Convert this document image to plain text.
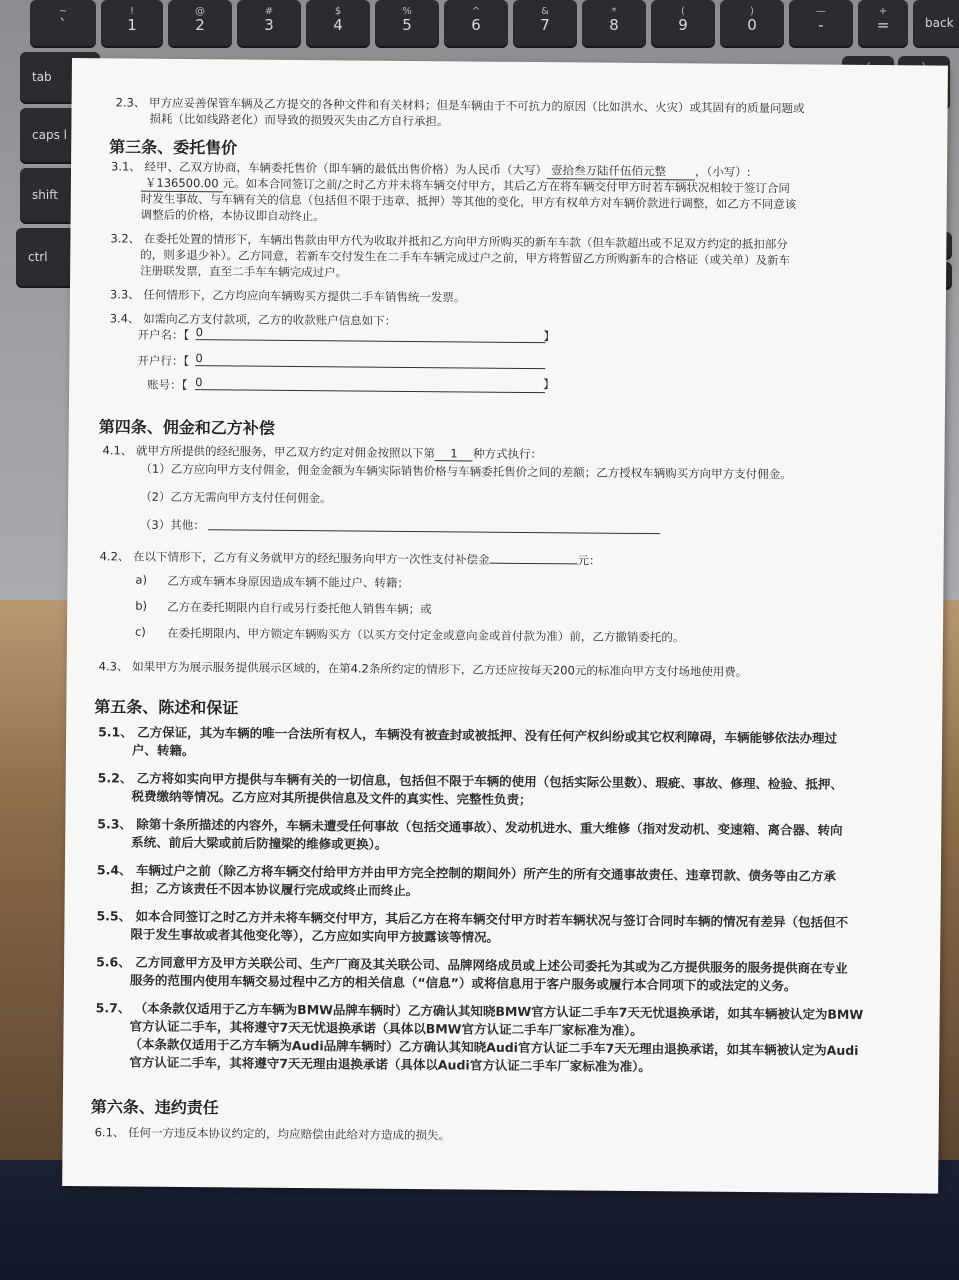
~
`
!
1
@
2
#
3
$
4
%
5
^
6
&
7
*
8
(
9
)
0
—
-
+
=	back
tab
caps l
shift
ctrl
2.3、 甲方应妥善保管车辆及乙方提交的各种文件和有关材料；但是车辆由于不可抗力的原因（比如洪水、火灾）或其固有的质量问题或
损耗（比如线路老化）而导致的损毁灭失由乙方自行承担。
第三条、委托售价
3.1、 经甲、乙双方协商，车辆委托售价（即车辆的最低出售价格）为人民币（大写） 壹拾叁万陆仟伍佰元整	，（小写）:
￥136500.00 元。如本合同签订之前/之时乙方并未将车辆交付甲方，其后乙方在将车辆交付甲方时若车辆状况相较于签订合同
时发生事故、与车辆有关的信息（包括但不限于违章、抵押）等其他的变化，甲方有权单方对车辆价款进行调整，如乙方不同意该
调整后的价格，本协议即自动终止。
3.2、 在委托处置的情形下，车辆出售款由甲方代为收取并抵扣乙方向甲方所购买的新车车款（但车款超出或不足双方约定的抵扣部分
的，则多退少补）。乙方同意，若新车交付发生在二手车车辆完成过户之前，甲方将暂留乙方所购新车的合格证（或关单）及新车
注册联发票，直至二手车车辆完成过户。
3.3、 任何情形下，乙方均应向车辆购买方提供二手车销售统一发票。
3.4、 如需向乙方支付款项，乙方的收款账户信息如下：
开户名：【 0	】
开户行：【 0
账号：【 0	】
第四条、佣金和乙方补偿
4.1、 就甲方所提供的经纪服务，甲乙双方约定对佣金按照以下第 1 种方式执行：
（1）乙方应向甲方支付佣金，佣金金额为车辆实际销售价格与车辆委托售价之间的差额；乙方授权车辆购买方向甲方支付佣金。
（2）乙方无需向甲方支付任何佣金。
（3）其他：
4.2、 在以下情形下，乙方有义务就甲方的经纪服务向甲方一次性支付补偿金	元：
a) 乙方或车辆本身原因造成车辆不能过户、转籍；
b) 乙方在委托期限内自行或另行委托他人销售车辆；或
c) 在委托期限内、甲方锁定车辆购买方（以买方交付定金或意向金或首付款为准）前，乙方撤销委托的。
4.3、 如果甲方为展示服务提供展示区域的，在第4.2条所约定的情形下，乙方还应按每天200元的标准向甲方支付场地使用费。
第五条、陈述和保证
5.1、 乙方保证，其为车辆的唯一合法所有权人，车辆没有被查封或被抵押、没有任何产权纠纷或其它权利障碍，车辆能够依法办理过
户、转籍。
5.2、 乙方将如实向甲方提供与车辆有关的一切信息，包括但不限于车辆的使用（包括实际公里数）、瑕疵、事故、修理、检验、抵押、
税费缴纳等情况。乙方应对其所提供信息及文件的真实性、完整性负责；
5.3、 除第十条所描述的内容外，车辆未遭受任何事故（包括交通事故）、发动机进水、重大维修（指对发动机、变速箱、离合器、转向
系统、前后大梁或前后防撞梁的维修或更换）。
5.4、 车辆过户之前（除乙方将车辆交付给甲方并由甲方完全控制的期间外）所产生的所有交通事故责任、违章罚款、债务等由乙方承
担；乙方该责任不因本协议履行完成或终止而终止。
5.5、 如本合同签订之时乙方并未将车辆交付甲方，其后乙方在将车辆交付甲方时若车辆状况与签订合同时车辆的情况有差异（包括但不
限于发生事故或者其他变化等），乙方应如实向甲方披露该等情况。
5.6、 乙方同意甲方及甲方关联公司、生产厂商及其关联公司、品牌网络成员或上述公司委托为其或为乙方提供服务的服务提供商在专业
服务的范围内使用车辆交易过程中乙方的相关信息（“信息”）或将信息用于客户服务或履行本合同项下的或法定的义务。
5.7、 （本条款仅适用于乙方车辆为BMW品牌车辆时）乙方确认其知晓BMW官方认证二手车7天无忧退换承诺，如其车辆被认定为BMW
官方认证二手车，其将遵守7天无忧退换承诺（具体以BMW官方认证二手车厂家标准为准）。
（本条款仅适用于乙方车辆为Audi品牌车辆时）乙方确认其知晓Audi官方认证二手车7天无理由退换承诺，如其车辆被认定为Audi
官方认证二手车，其将遵守7天无理由退换承诺（具体以Audi官方认证二手车厂家标准为准）。
第六条、违约责任
6.1、 任何一方违反本协议约定的，均应赔偿由此给对方造成的损失。
